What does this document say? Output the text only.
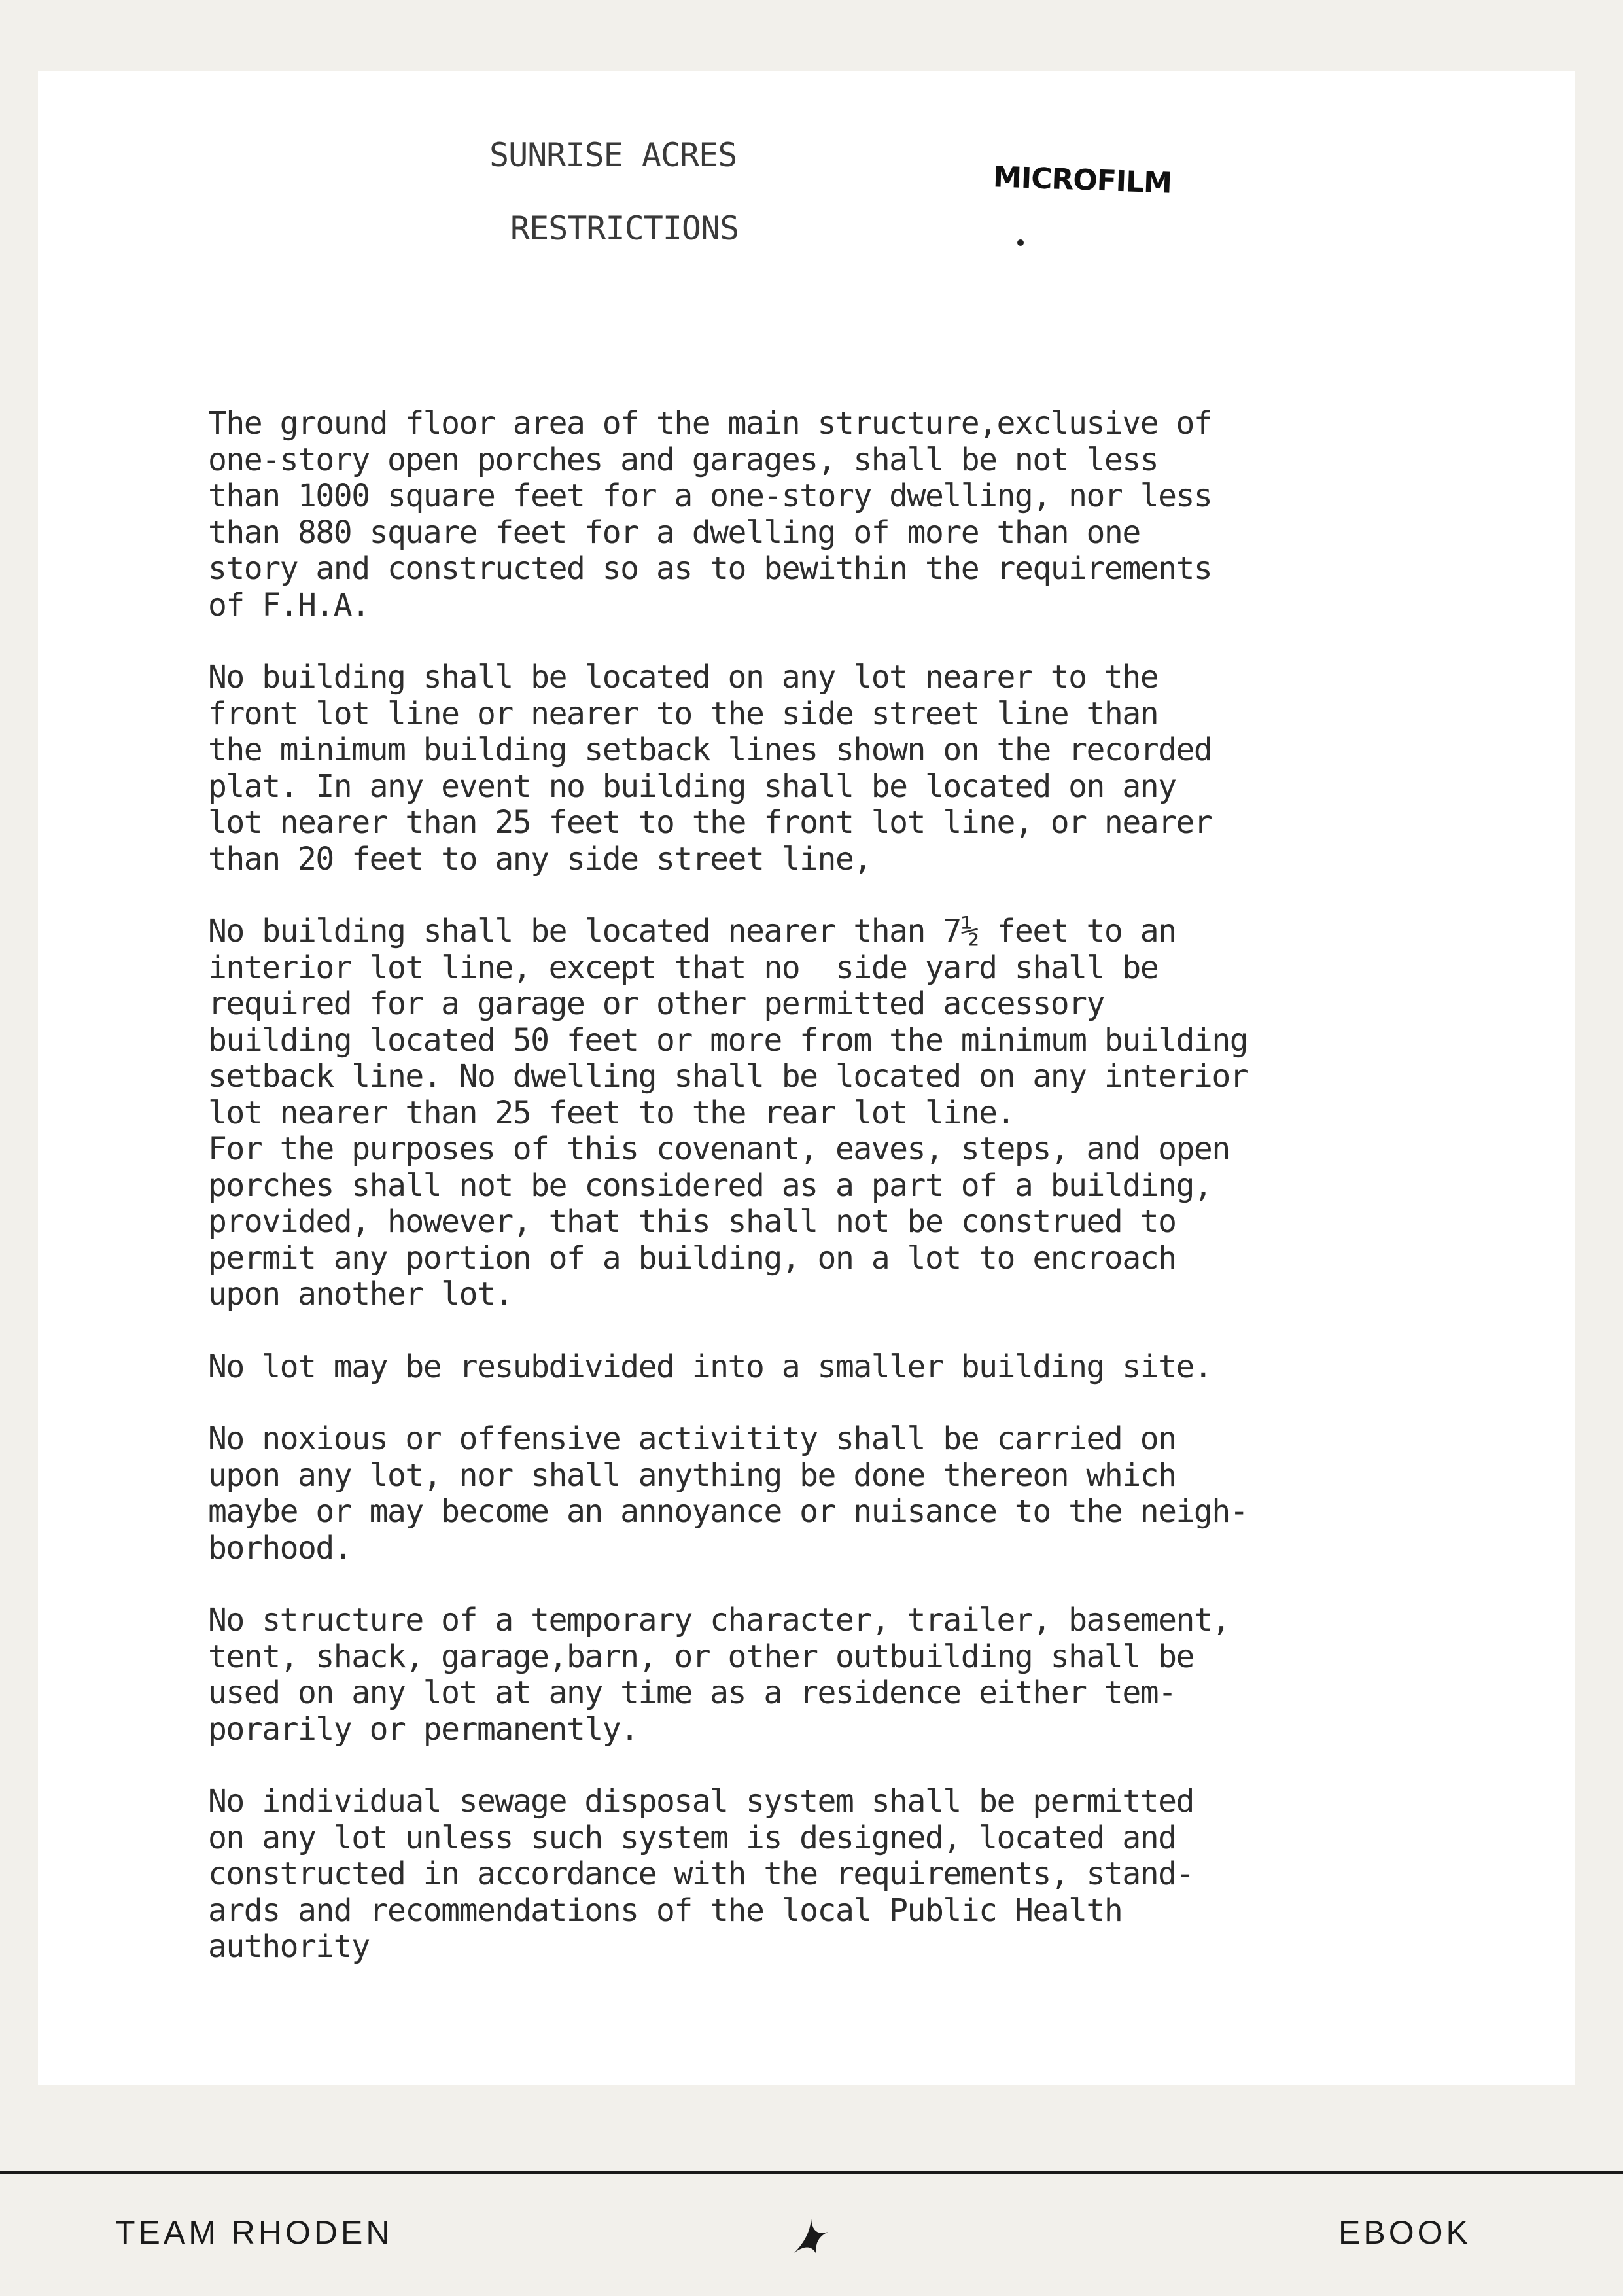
SUNRISE ACRES
RESTRICTIONS
MICROFILM

The ground floor area of the main structure,exclusive of
one-story open porches and garages, shall be not less
than 1000 square feet for a one-story dwelling, nor less
than 880 square feet for a dwelling of more than one
story and constructed so as to bewithin the requirements
of F.H.A.

No building shall be located on any lot nearer to the
front lot line or nearer to the side street line than
the minimum building setback lines shown on the recorded
plat. In any event no building shall be located on any
lot nearer than 25 feet to the front lot line, or nearer
than 20 feet to any side street line,

No building shall be located nearer than 7½ feet to an
interior lot line, except that no  side yard shall be
required for a garage or other permitted accessory
building located 50 feet or more from the minimum building
setback line. No dwelling shall be located on any interior
lot nearer than 25 feet to the rear lot line.

For the purposes of this covenant, eaves, steps, and open
porches shall not be considered as a part of a building,
provided, however, that this shall not be construed to
permit any portion of a building, on a lot to encroach
upon another lot.

No lot may be resubdivided into a smaller building site.

No noxious or offensive activitity shall be carried on
upon any lot, nor shall anything be done thereon which
maybe or may become an annoyance or nuisance to the neigh-
borhood.

No structure of a temporary character, trailer, basement,
tent, shack, garage,barn, or other outbuilding shall be
used on any lot at any time as a residence either tem-
porarily or permanently.

No individual sewage disposal system shall be permitted
on any lot unless such system is designed, located and
constructed in accordance with the requirements, stand-
ards and recommendations of the local Public Health
authority

TEAM RHODEN	EBOOK
